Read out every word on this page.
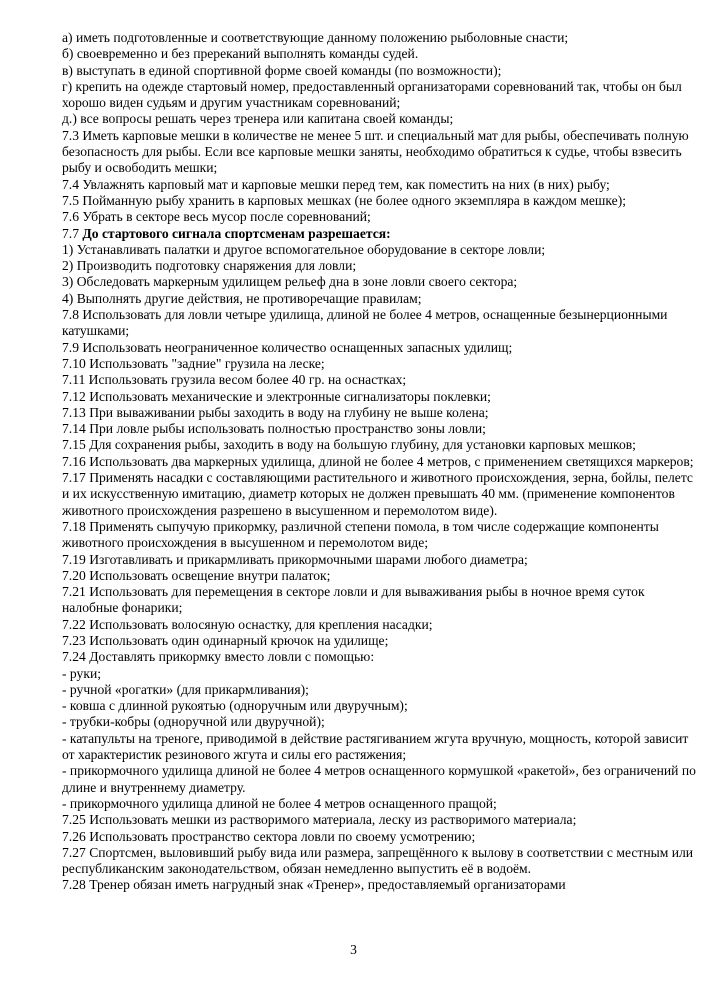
а) иметь подготовленные и соответствующие данному положению рыболовные снасти;

б) своевременно и без пререканий выполнять команды судей.

в) выступать в единой спортивной форме своей команды (по возможности);

г) крепить на одежде стартовый номер, предоставленный организаторами соревнований так, чтобы он был хорошо виден судьям и другим участникам соревнований;

д.) все вопросы решать через тренера или капитана своей команды;

7.3 Иметь карповые мешки в количестве не менее 5 шт. и специальный мат для рыбы, обеспечивать полную безопасность для рыбы. Если все карповые мешки заняты, необходимо обратиться к судье, чтобы взвесить рыбу и освободить мешки;

7.4 Увлажнять карповый мат и карповые мешки перед тем, как поместить на них (в них) рыбу;

7.5 Пойманную рыбу хранить в карповых мешках (не более одного экземпляра в каждом мешке);

7.6 Убрать в секторе весь мусор после соревнований;

7.7 До стартового сигнала спортсменам разрешается:

1) Устанавливать палатки и другое вспомогательное оборудование в секторе ловли;

2) Производить подготовку снаряжения для ловли;

3) Обследовать маркерным удилищем рельеф дна в зоне ловли своего сектора;

4) Выполнять другие действия, не противоречащие правилам;

7.8 Использовать для ловли четыре удилища, длиной не более 4 метров, оснащенные безынерционными катушками;

7.9 Использовать неограниченное количество оснащенных запасных удилищ;

7.10 Использовать "задние" грузила на леске;

7.11 Использовать грузила весом более 40 гр. на оснастках;

7.12 Использовать механические и электронные сигнализаторы поклевки;

7.13 При вываживании рыбы заходить в воду на глубину не выше колена;

7.14 При ловле рыбы использовать полностью пространство зоны ловли;

7.15 Для сохранения рыбы, заходить в воду на большую глубину, для установки карповых мешков;

7.16 Использовать два маркерных удилища, длиной не более 4 метров, с применением светящихся маркеров;

7.17 Применять насадки с составляющими растительного и животного происхождения, зерна, бойлы, пелетс и их искусственную имитацию, диаметр которых не должен превышать 40 мм. (применение компонентов животного происхождения разрешено в высушенном и перемолотом виде).

7.18 Применять сыпучую прикормку, различной степени помола, в том числе содержащие компоненты животного происхождения в высушенном и перемолотом виде;

7.19 Изготавливать и прикармливать прикормочными шарами любого диаметра;

7.20 Использовать освещение внутри палаток;

7.21 Использовать для перемещения в секторе ловли и для вываживания рыбы в ночное время суток налобные фонарики;

7.22 Использовать волосяную оснастку, для крепления насадки;

7.23 Использовать один одинарный крючок на удилище;

7.24 Доставлять прикормку вместо ловли с помощью:

- руки;

- ручной «рогатки» (для прикармливания);

- ковша с длинной рукоятью (одноручным или двуручным);

- трубки-кобры (одноручной или двуручной);

- катапульты на треноге, приводимой в действие растягиванием жгута вручную, мощность, которой зависит от характеристик резинового жгута и силы его растяжения;

- прикормочного удилища длиной не более 4 метров оснащенного кормушкой «ракетой», без ограничений по длине и внутреннему диаметру.

- прикормочного удилища длиной не более 4 метров оснащенного пращой;

7.25 Использовать мешки из растворимого материала, леску из растворимого материала;

7.26 Использовать пространство сектора ловли по своему усмотрению;

7.27 Спортсмен, выловивший рыбу вида или размера, запрещённого к вылову в соответствии с местным или республиканским законодательством, обязан немедленно выпустить её в водоём.

7.28 Тренер обязан иметь нагрудный знак «Тренер», предоставляемый организаторами

3
